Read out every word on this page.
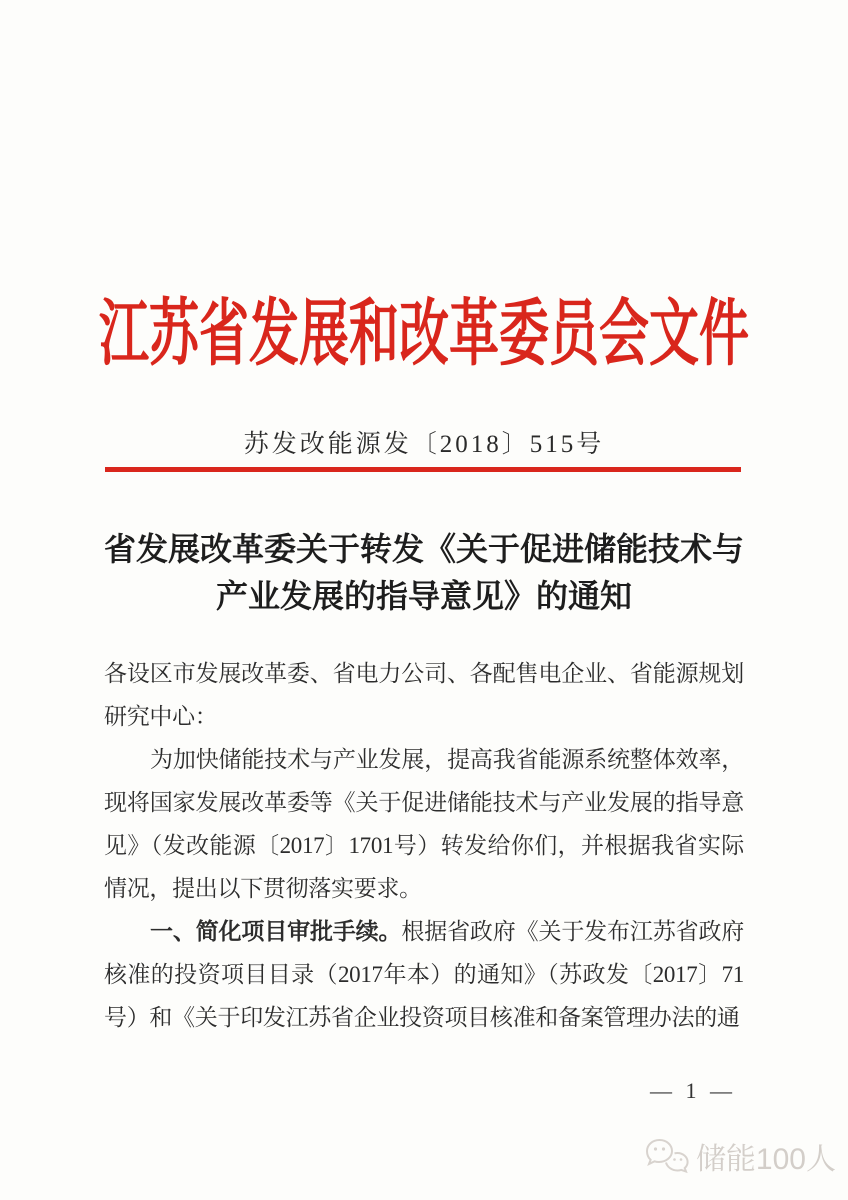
江苏省发展和改革委员会文件
苏发改能源发〔2018〕515号
省发展改革委关于转发《关于促进储能技术与
产业发展的指导意见》的通知

各设区市发展改革委、省电力公司、各配售电企业、省能源规划研究中心：

为加快储能技术与产业发展，提高我省能源系统整体效率，现将国家发展改革委等《关于促进储能技术与产业发展的指导意见》（发改能源〔2017〕1701号）转发给你们，并根据我省实际情况，提出以下贯彻落实要求。

一、简化项目审批手续。根据省政府《关于发布江苏省政府核准的投资项目目录（2017年本）的通知》（苏政发〔2017〕71号）和《关于印发江苏省企业投资项目核准和备案管理办法的通

— 1 —
储能100人
